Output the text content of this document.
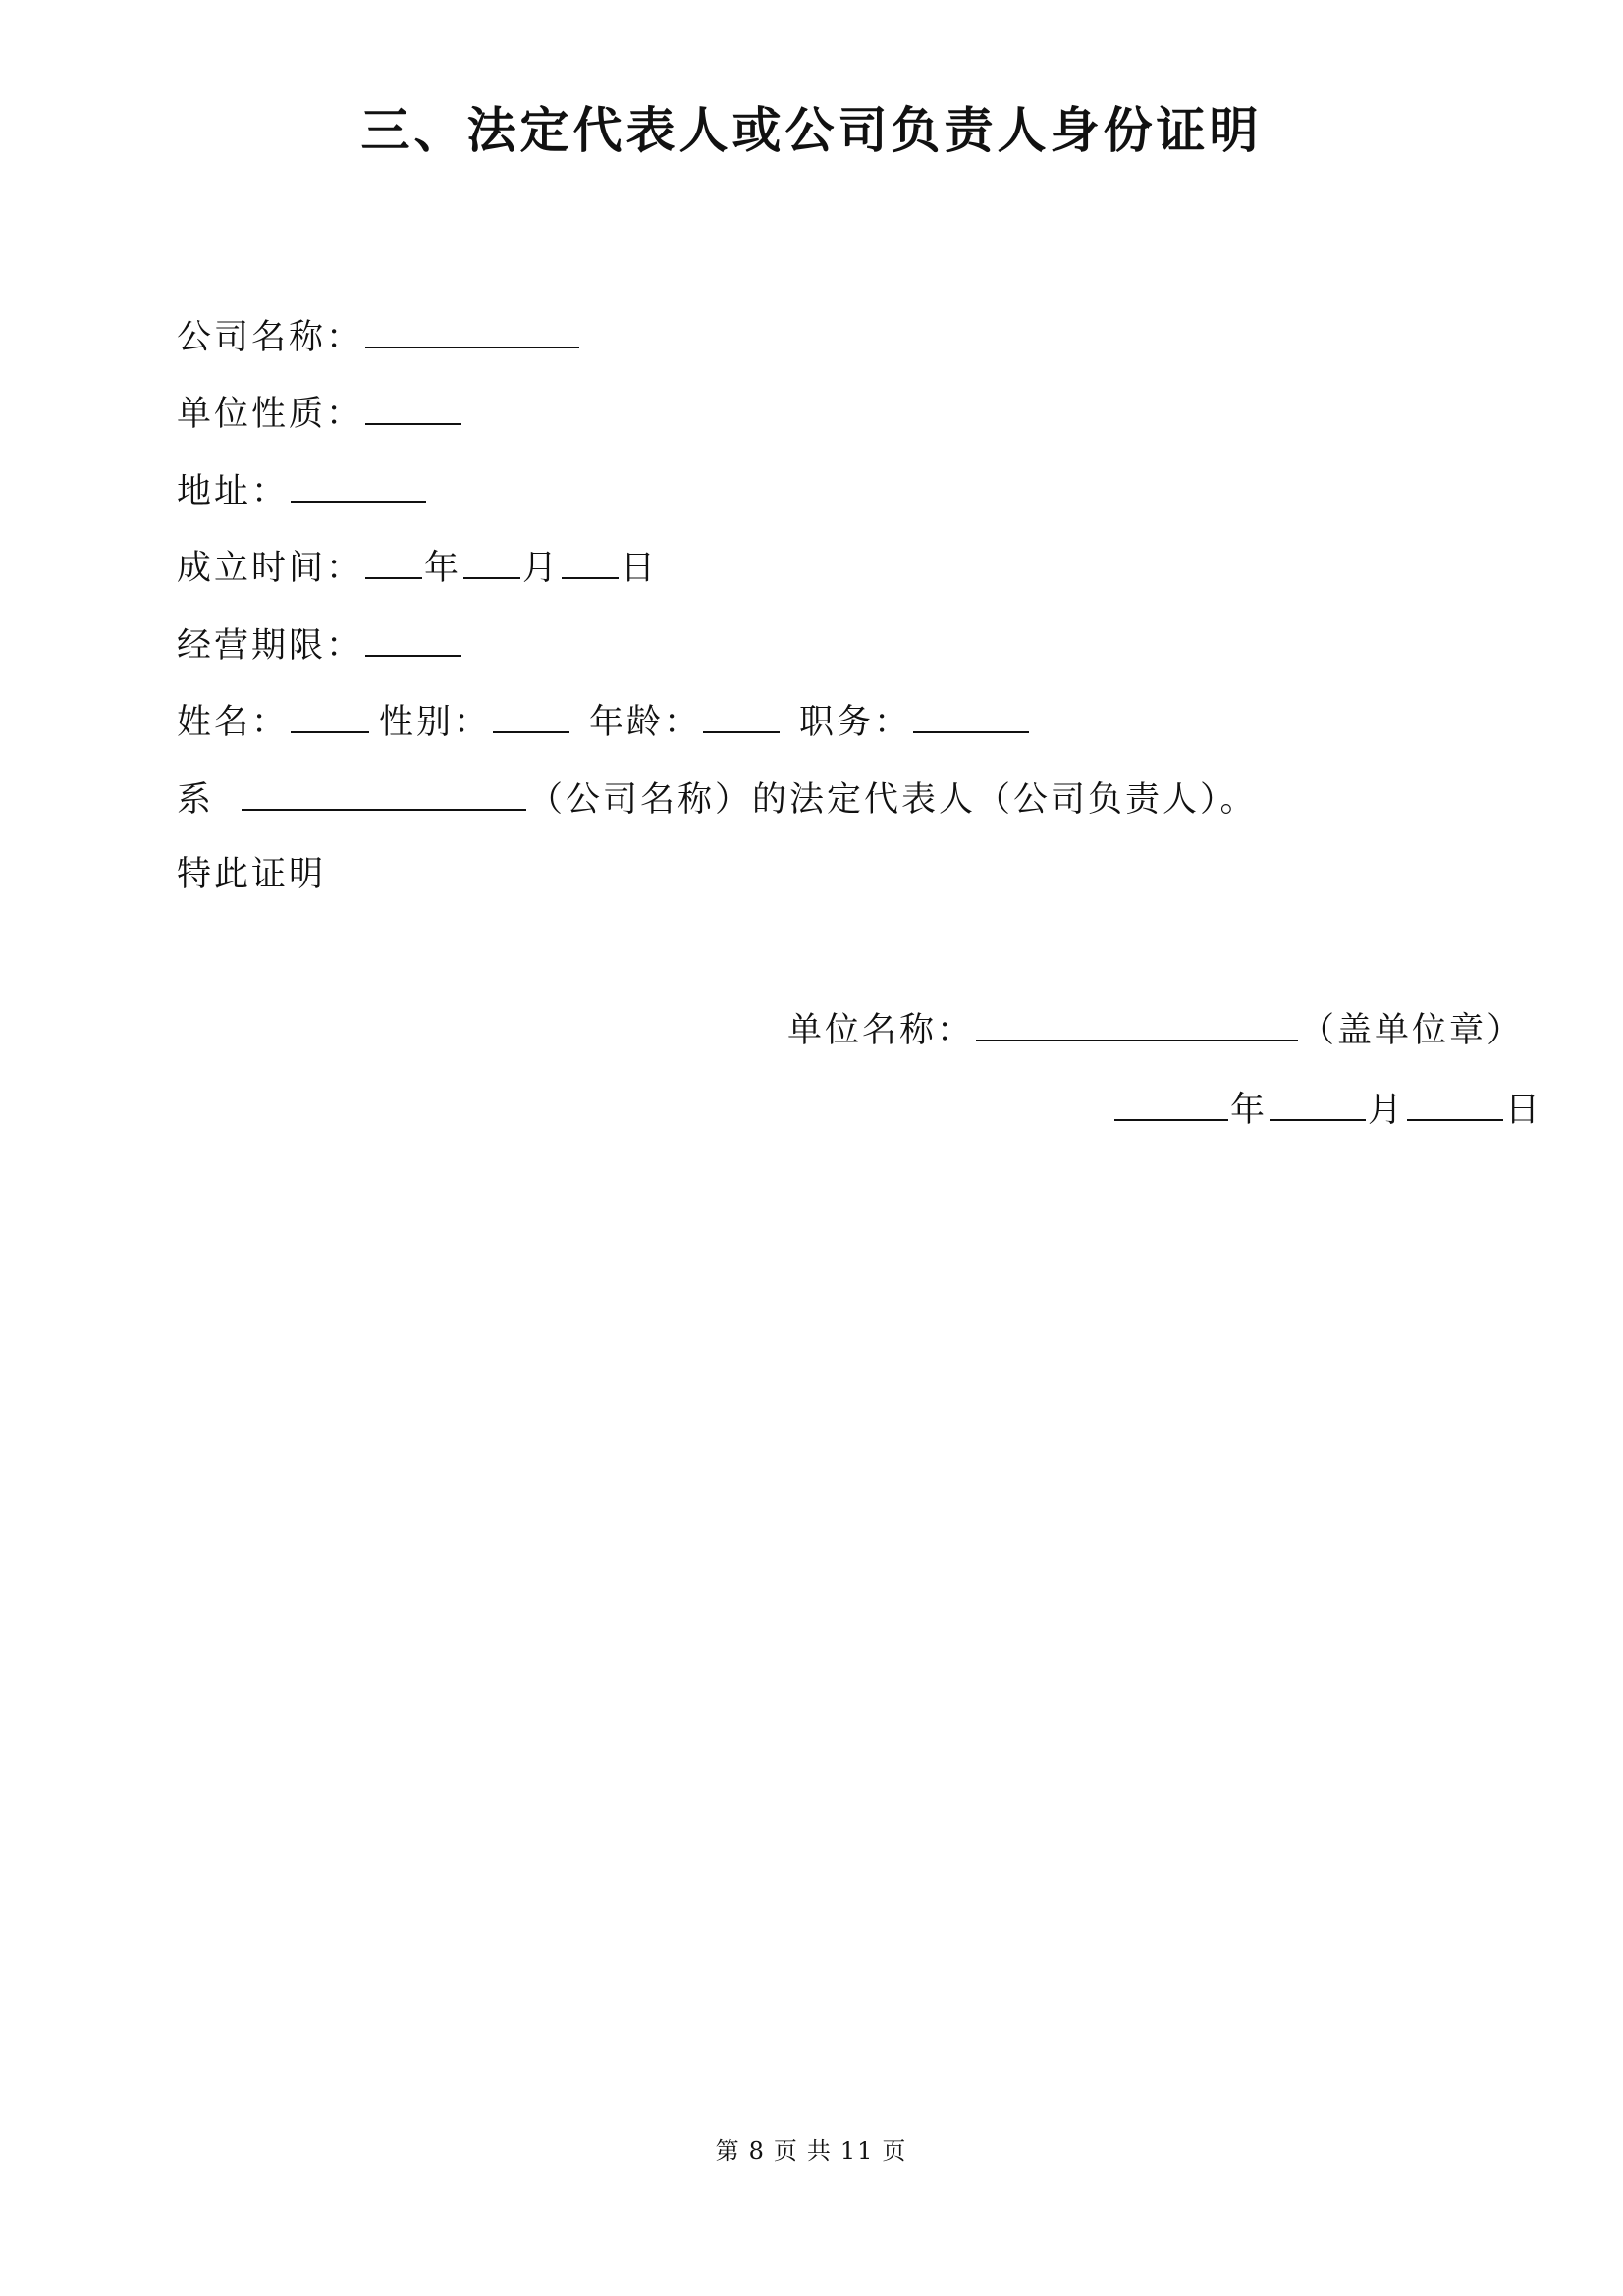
三、法定代表人或公司负责人身份证明
公司名称：
单位性质：
地址：
成立时间： 年 月 日
经营期限：
姓名：	性别：	年龄：	职务：
系	（公司名称）的法定代表人（公司负责人）。
特此证明
单位名称：	（盖单位章）
年	月	日
第 8 页 共 11 页
